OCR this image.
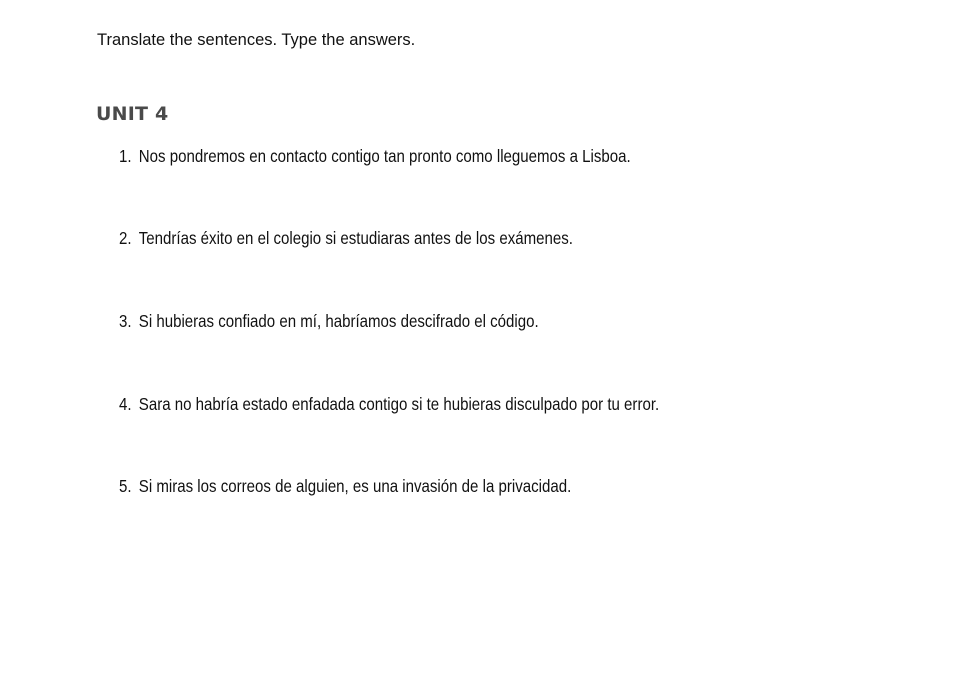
Translate the sentences. Type the answers.
UNIT 4
1. Nos pondremos en contacto contigo tan pronto como lleguemos a Lisboa.
2. Tendrías éxito en el colegio si estudiaras antes de los exámenes.
3. Si hubieras confiado en mí, habríamos descifrado el código.
4. Sara no habría estado enfadada contigo si te hubieras disculpado por tu error.
5. Si miras los correos de alguien, es una invasión de la privacidad.
